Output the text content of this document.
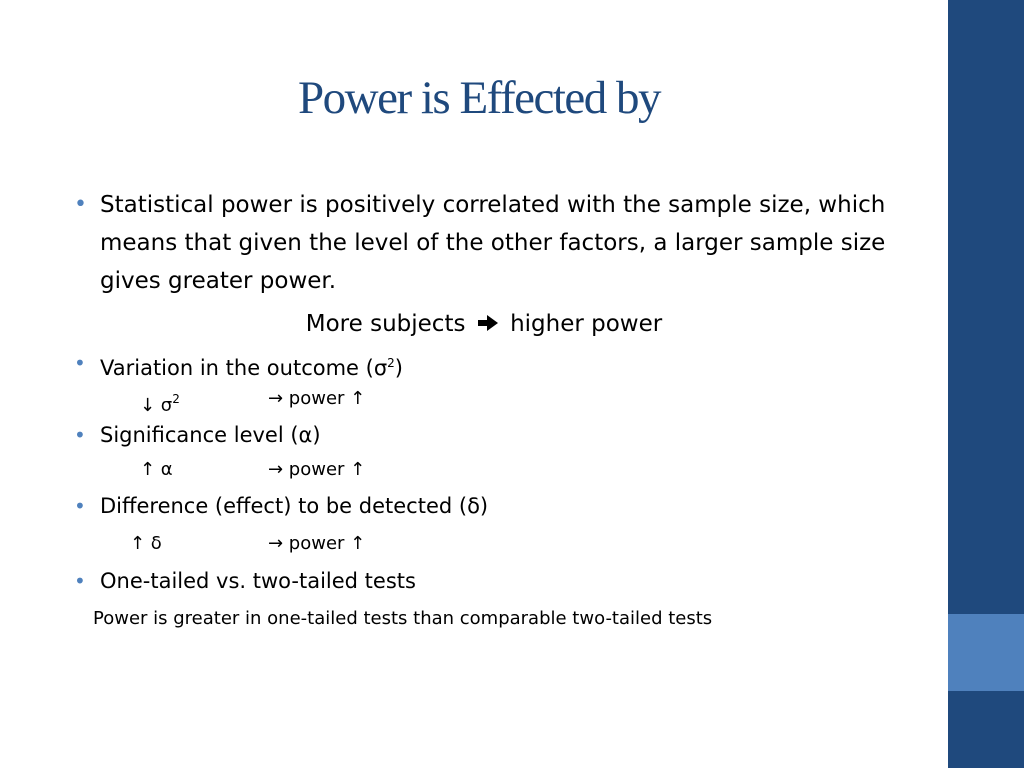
Power is Effected by
• Statistical power is positively correlated with the sample size, which means that given the level of the other factors, a larger sample size gives greater power.
More subjects higher power
• Variation in the outcome $(\sigma^2)$
↓ $\sigma^2$	→ power ↑
• Significance level (α)
↑ α	→ power ↑
• Difference (effect) to be detected (δ)
↑ δ	→ power ↑
• One-tailed vs. two-tailed tests
Power is greater in one-tailed tests than comparable two-tailed tests
